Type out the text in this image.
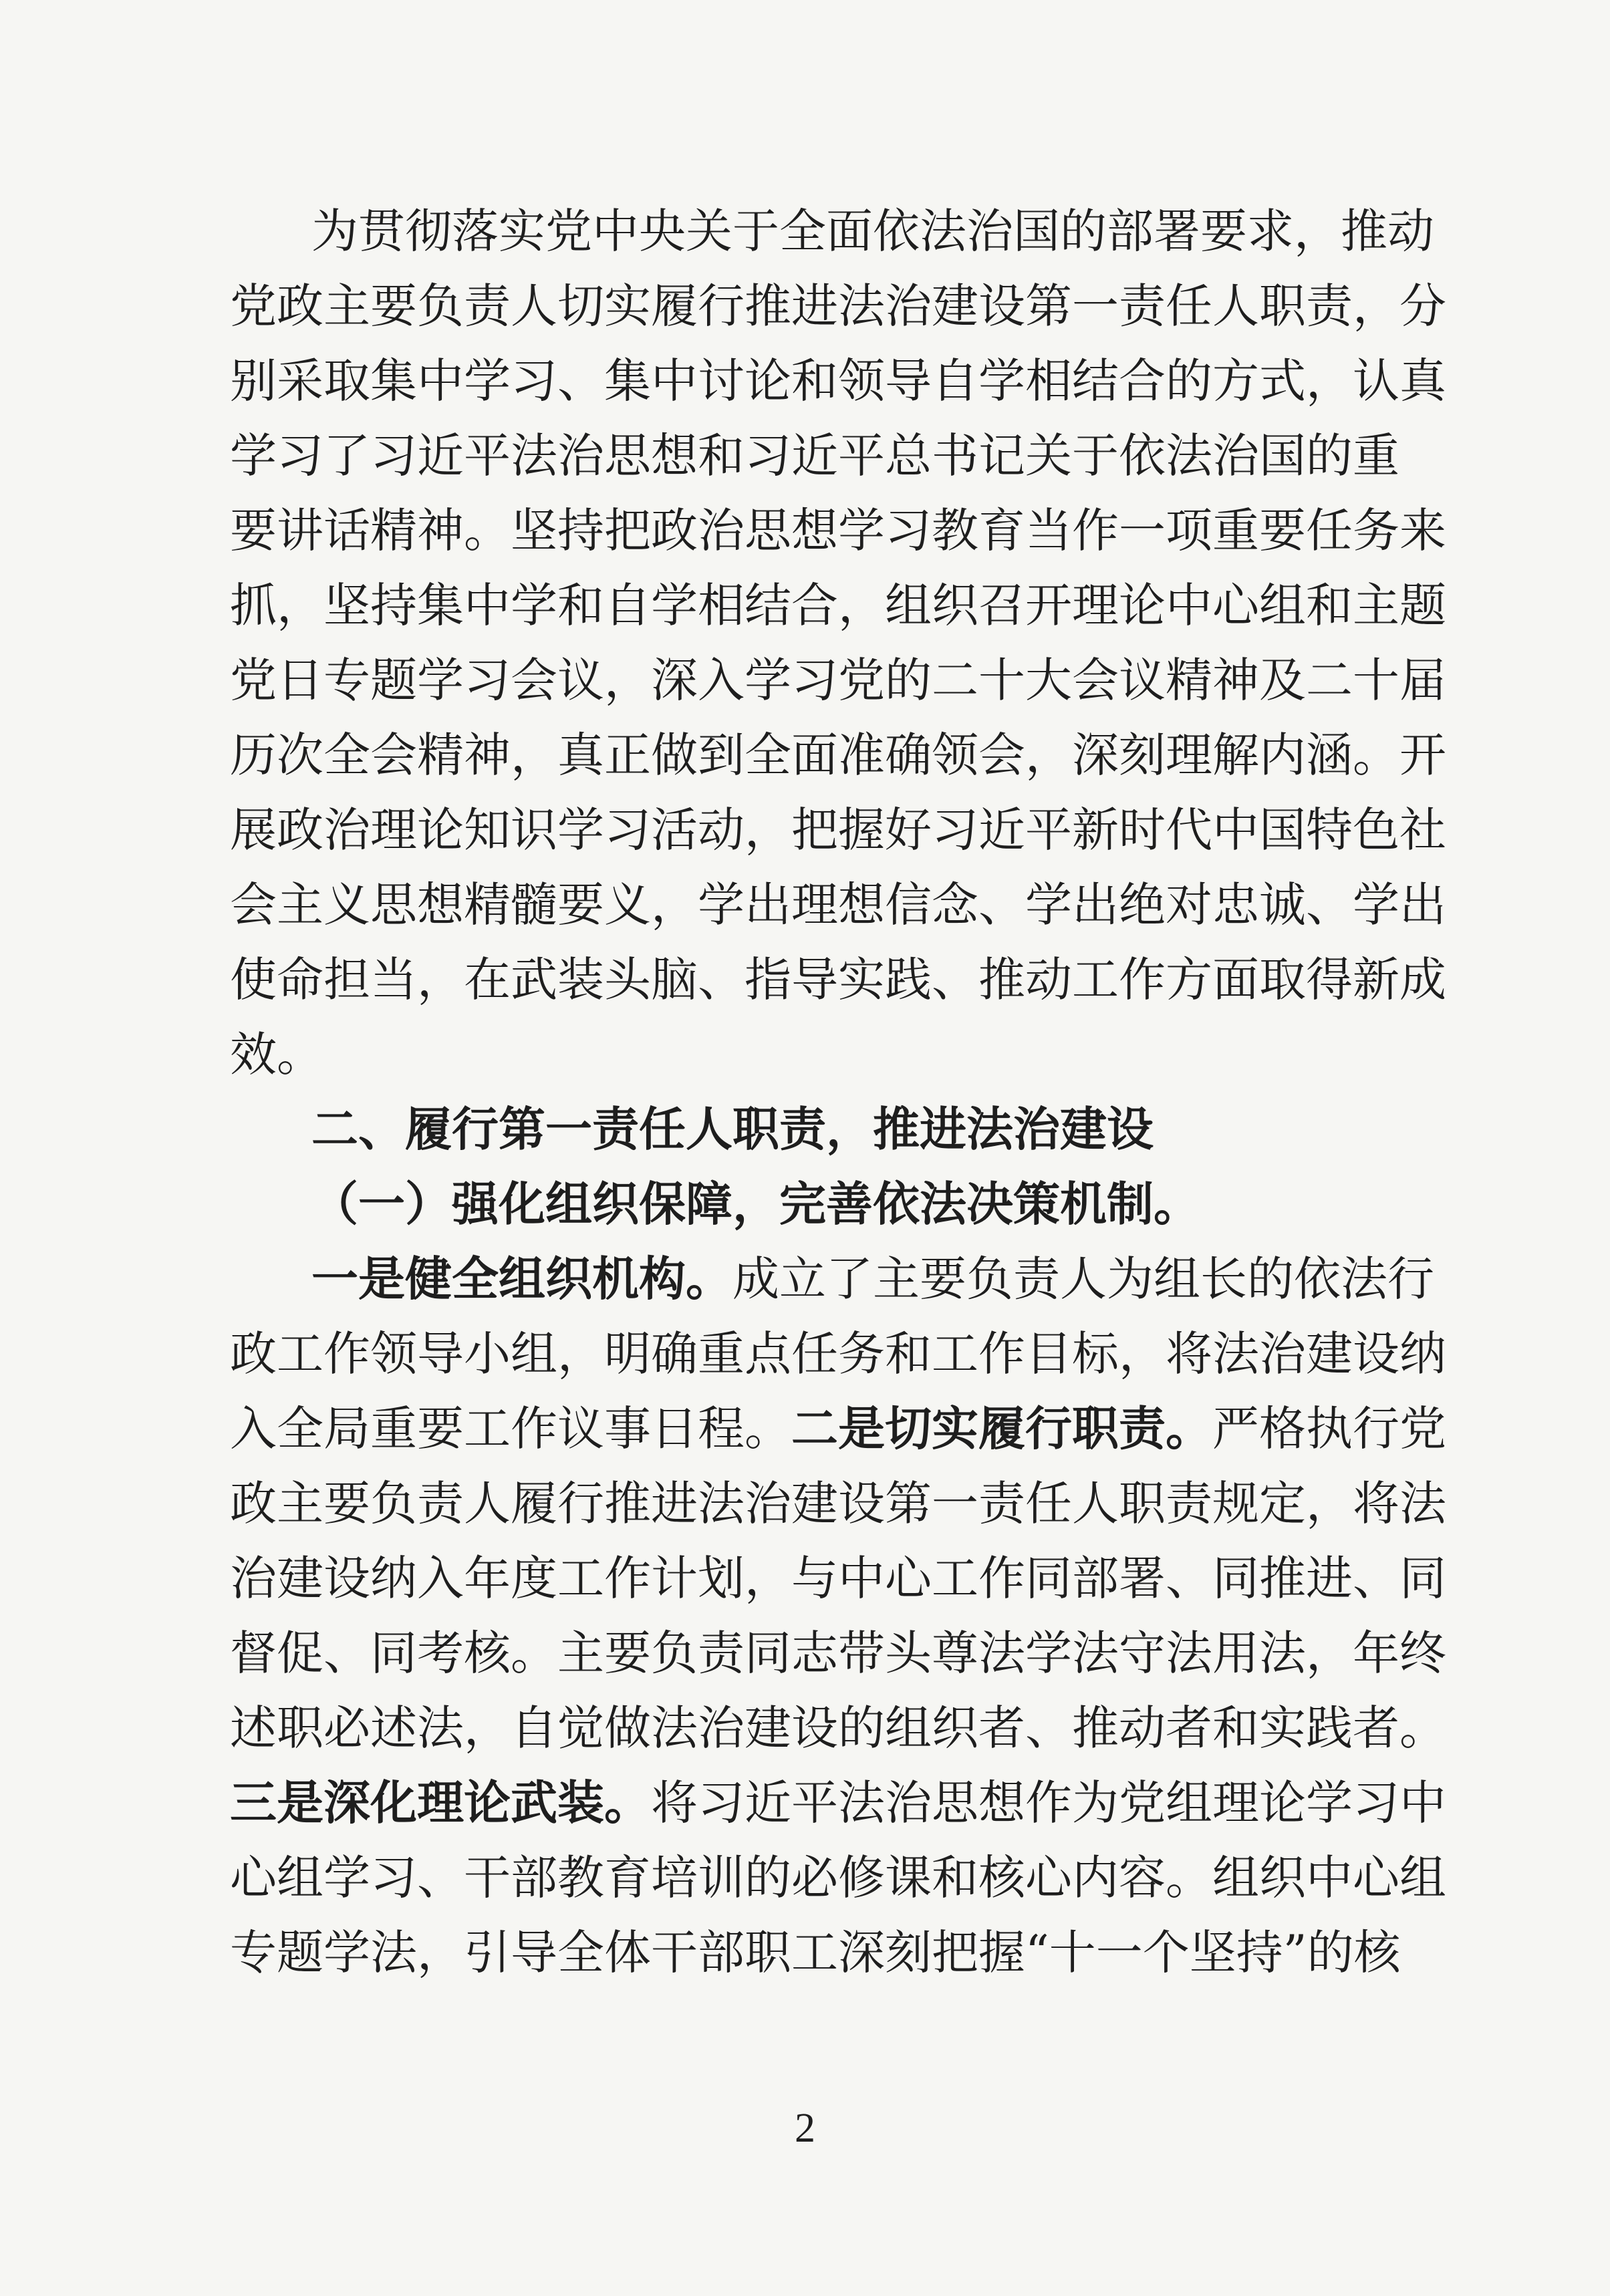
为贯彻落实党中央关于全面依法治国的部署要求，推动
党政主要负责人切实履行推进法治建设第一责任人职责，分
别采取集中学习、集中讨论和领导自学相结合的方式，认真
学习了习近平法治思想和习近平总书记关于依法治国的重
要讲话精神。坚持把政治思想学习教育当作一项重要任务来
抓，坚持集中学和自学相结合，组织召开理论中心组和主题
党日专题学习会议，深入学习党的二十大会议精神及二十届
历次全会精神，真正做到全面准确领会，深刻理解内涵。开
展政治理论知识学习活动，把握好习近平新时代中国特色社
会主义思想精髓要义，学出理想信念、学出绝对忠诚、学出
使命担当，在武装头脑、指导实践、推动工作方面取得新成
效。
二、履行第一责任人职责，推进法治建设
（一）强化组织保障，完善依法决策机制。
一是健全组织机构。成立了主要负责人为组长的依法行
政工作领导小组，明确重点任务和工作目标，将法治建设纳
入全局重要工作议事日程。二是切实履行职责。严格执行党
政主要负责人履行推进法治建设第一责任人职责规定，将法
治建设纳入年度工作计划，与中心工作同部署、同推进、同
督促、同考核。主要负责同志带头尊法学法守法用法，年终
述职必述法，自觉做法治建设的组织者、推动者和实践者。
三是深化理论武装。将习近平法治思想作为党组理论学习中
心组学习、干部教育培训的必修课和核心内容。组织中心组
专题学法，引导全体干部职工深刻把握“十一个坚持”的核
2
